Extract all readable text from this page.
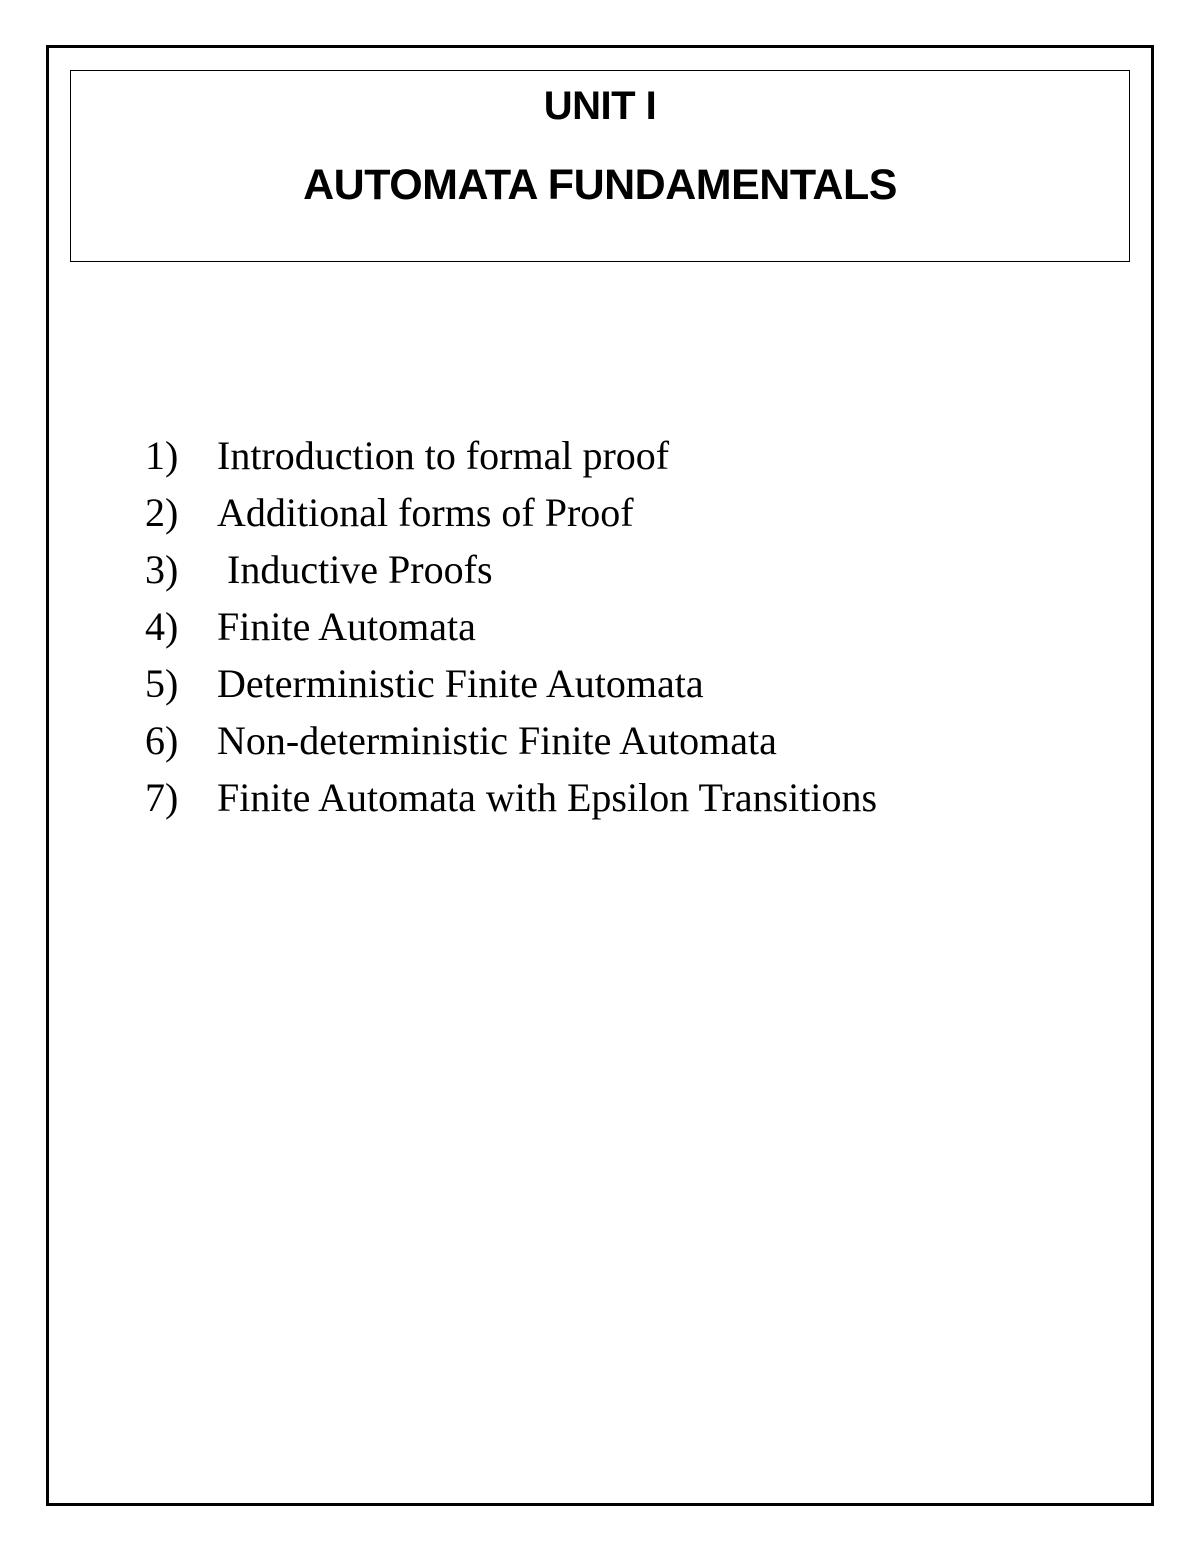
UNIT I
AUTOMATA FUNDAMENTALS

1) Introduction to formal proof

2) Additional forms of Proof

3) Inductive Proofs

4) Finite Automata

5) Deterministic Finite Automata

6) Non-deterministic Finite Automata

7) Finite Automata with Epsilon Transitions
